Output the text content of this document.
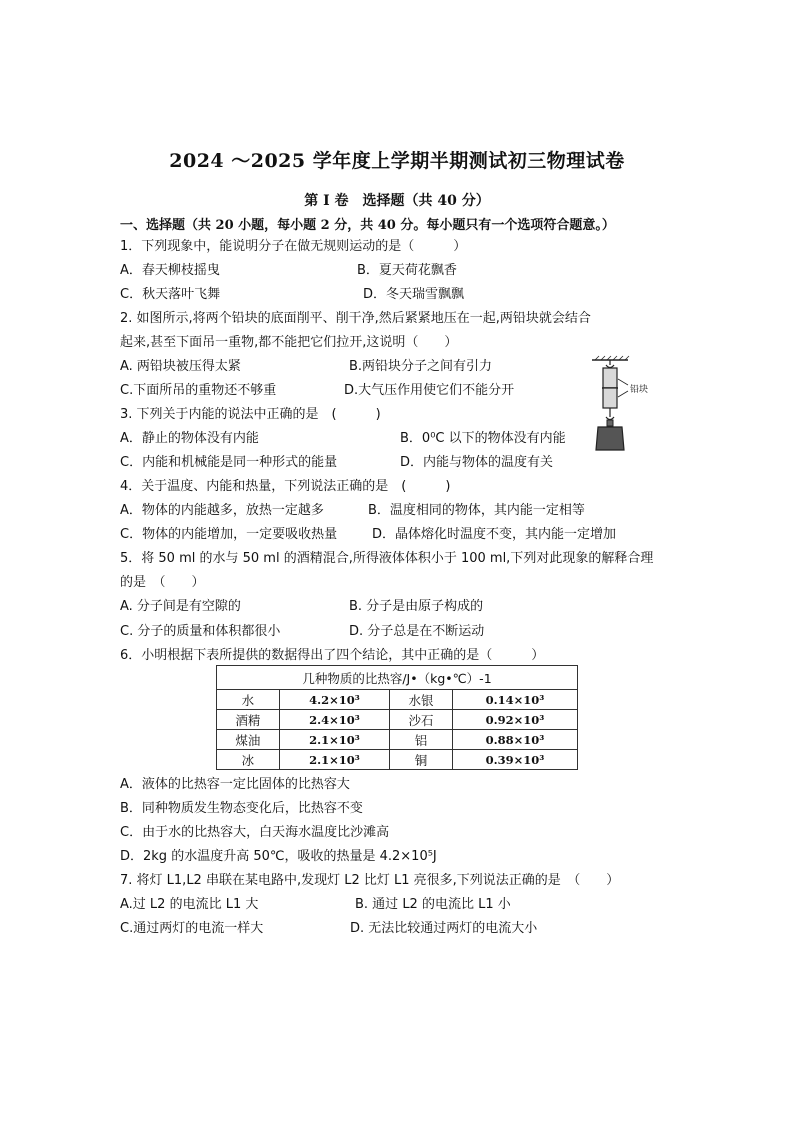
2024 ～2025 学年度上学期半期测试初三物理试卷
第 I 卷　选择题（共 40 分）
一、选择题（共 20 小题，每小题 2 分，共 40 分。每小题只有一个选项符合题意。）
1．下列现象中，能说明分子在做无规则运动的是（　　　）
A．春天柳枝摇曳	B．夏天荷花飘香
C．秋天落叶飞舞	D．冬天瑞雪飘飘
2. 如图所示,将两个铅块的底面削平、削干净,然后紧紧地压在一起,两铅块就会结合
起来,甚至下面吊一重物,都不能把它们拉开,这说明（　　）
A. 两铅块被压得太紧	B.两铅块分子之间有引力
C.下面所吊的重物还不够重	D.大气压作用使它们不能分开	铅块
3. 下列关于内能的说法中正确的是　(　　　)
A．静止的物体没有内能	B．0⁰C 以下的物体没有内能
C．内能和机械能是同一种形式的能量	D．内能与物体的温度有关
4．关于温度、内能和热量，下列说法正确的是　(　　　)
A．物体的内能越多，放热一定越多	B．温度相同的物体，其内能一定相等
C．物体的内能增加，一定要吸收热量	D．晶体熔化时温度不变，其内能一定增加
5．将 50 ml 的水与 50 ml 的酒精混合,所得液体体积小于 100 ml,下列对此现象的解释合理
的是　（　　）
A. 分子间是有空隙的	B. 分子是由原子构成的
C. 分子的质量和体积都很小	D. 分子总是在不断运动
6．小明根据下表所提供的数据得出了四个结论，其中正确的是（　　　）
几种物质的比热容/J•（kg•℃）-1			
水	4.2×10³	水银	0.14×10³
酒精	2.4×10³	沙石	0.92×10³
煤油	2.1×10³	铝	0.88×10³
冰	2.1×10³	铜	0.39×10³
A．液体的比热容一定比固体的比热容大
B．同种物质发生物态变化后，比热容不变
C．由于水的比热容大，白天海水温度比沙滩高
D．2kg 的水温度升高 50℃，吸收的热量是 4.2×10⁵J
7. 将灯 L1,L2 串联在某电路中,发现灯 L2 比灯 L1 亮很多,下列说法正确的是　（　　）
A.过 L2 的电流比 L1 大	B. 通过 L2 的电流比 L1 小
C.通过两灯的电流一样大	D. 无法比较通过两灯的电流大小
